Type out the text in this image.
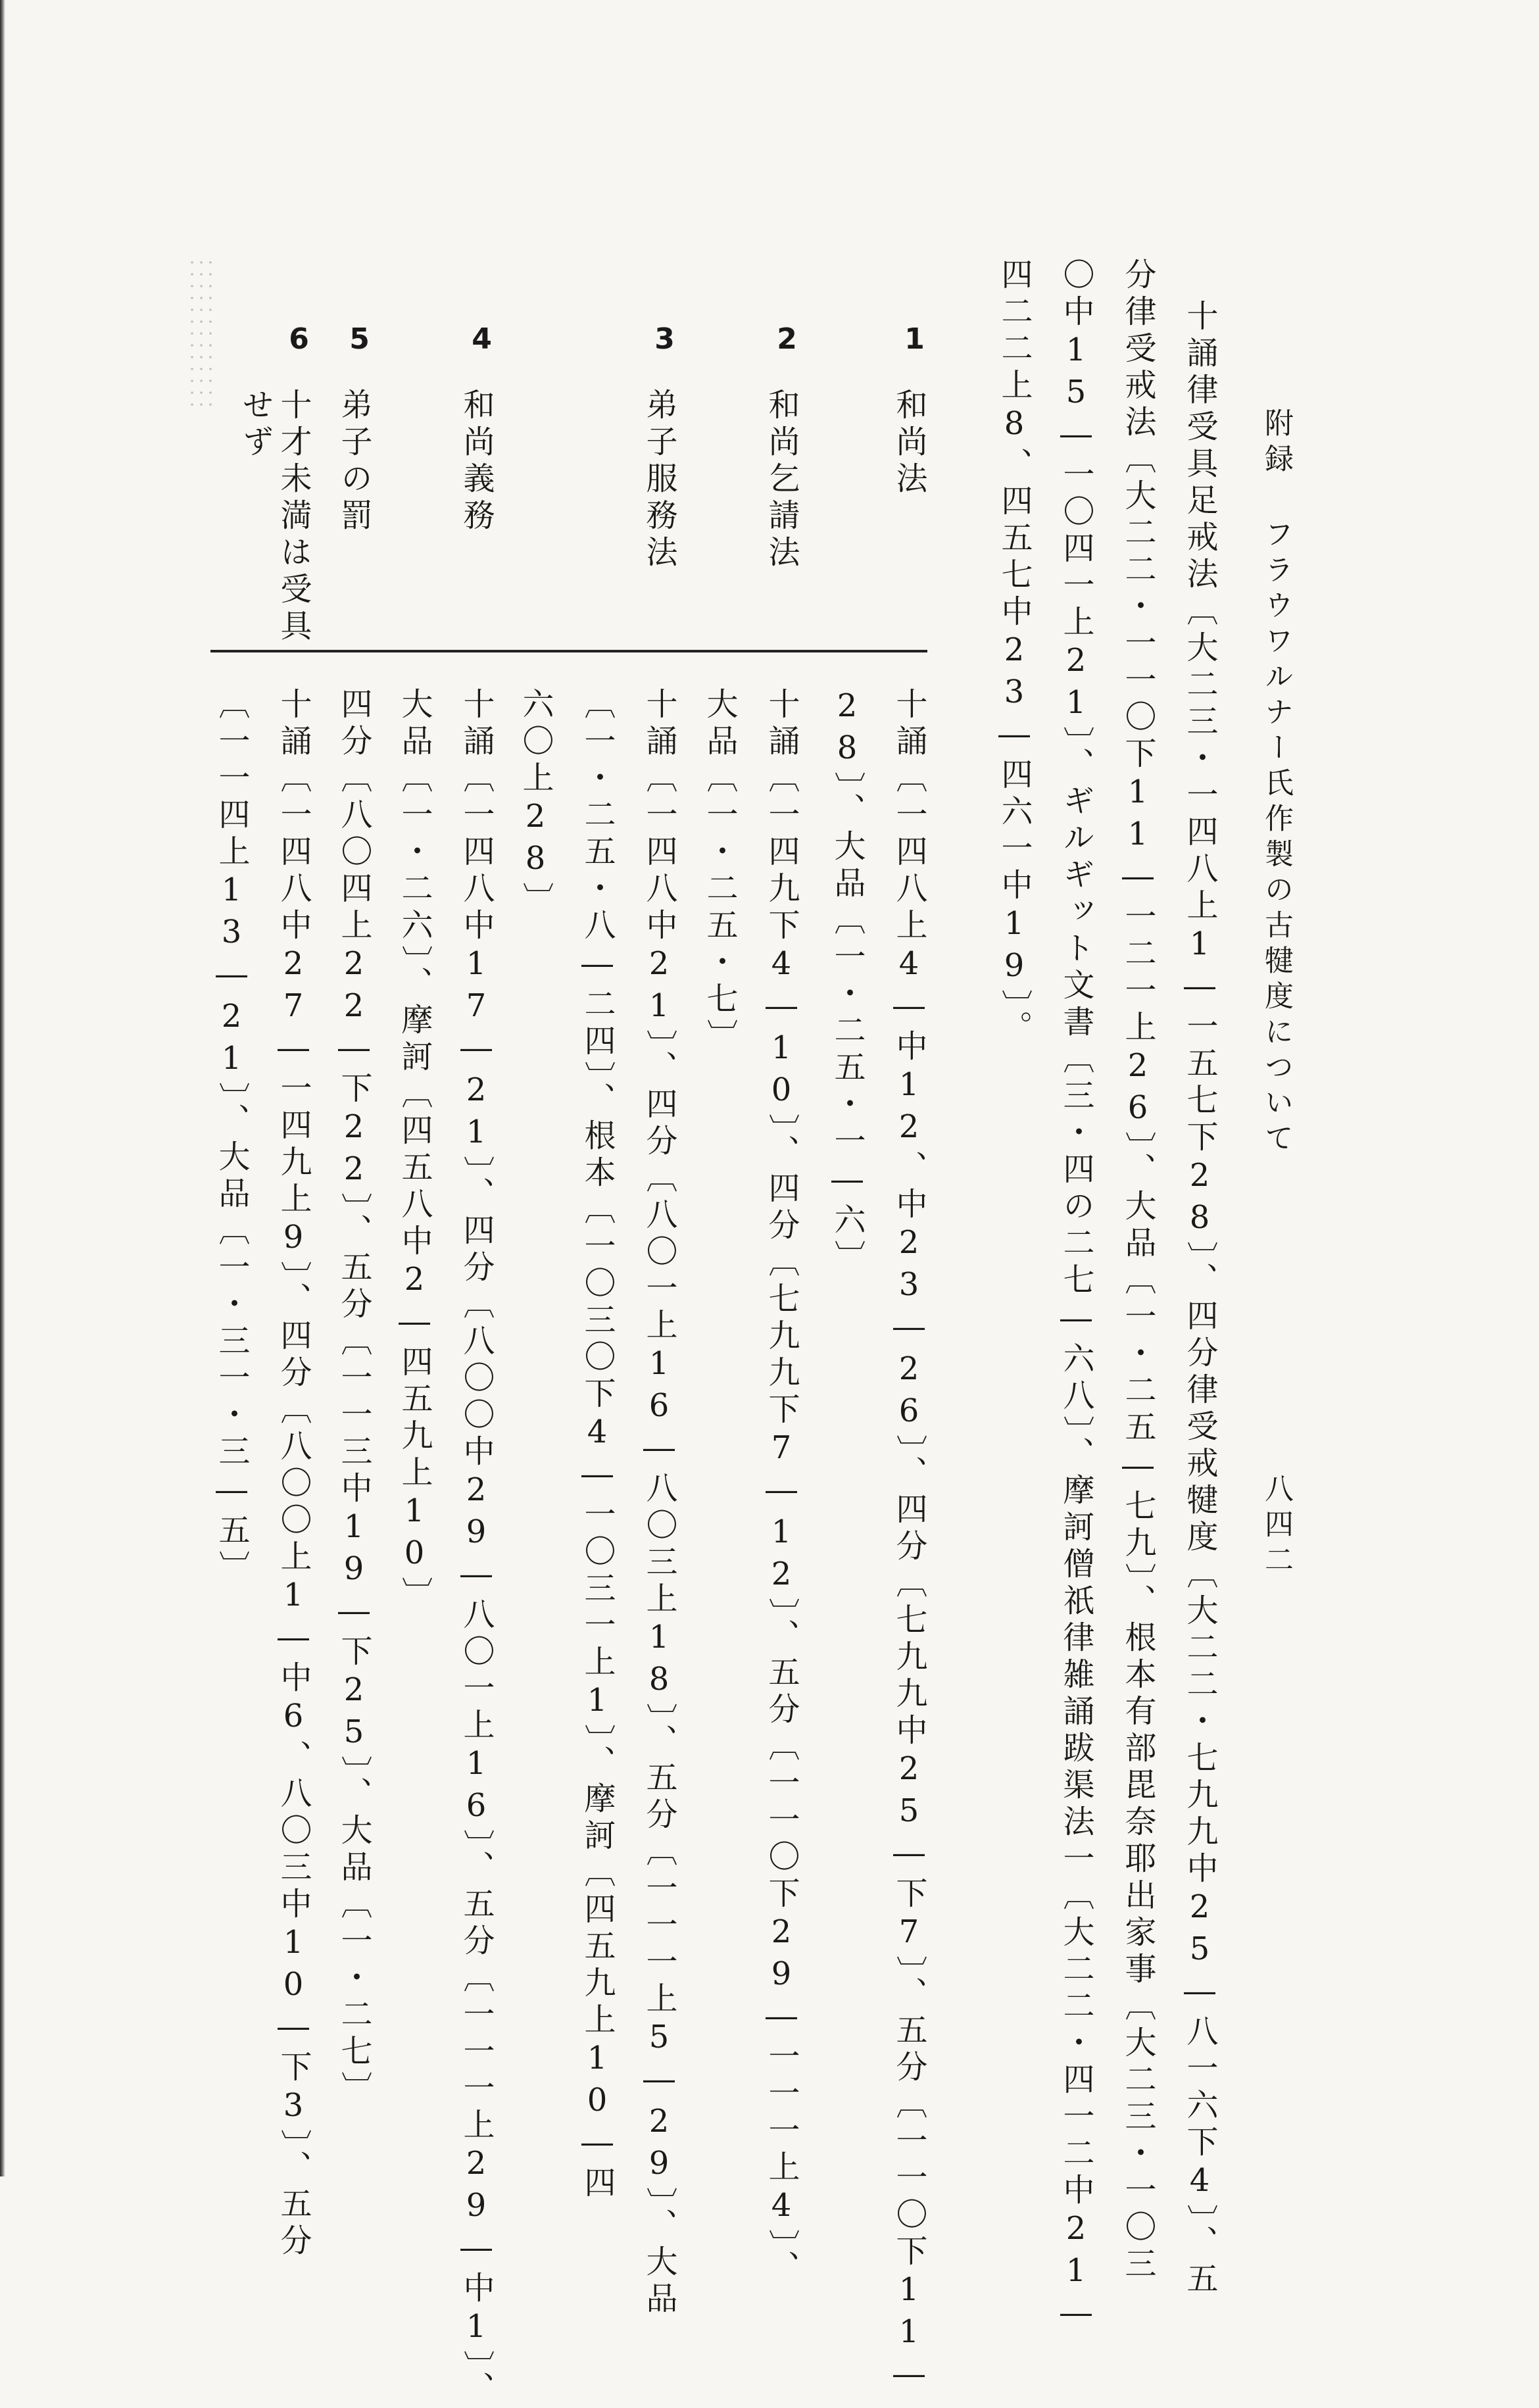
八四二
附録 フラウワルナー氏作製の古犍度について
十誦律受具足戒法〔大二三・一四八上1―一五七下28〕、四分律受戒犍度〔大二二・七九九中25―八一六下4〕、五
分律受戒法〔大二二・一一〇下11―一二一上26〕、大品〔一・二五―七九〕、根本有部毘奈耶出家事〔大二三・一〇三
〇中15―一〇四一上21〕、ギルギット文書〔三・四の二七―六八〕、摩訶僧祇律雑誦跋渠法一〔大二二・四一二中21―
四二二上8、四五七中23―四六一中19〕。
1
和尚法
2
和尚乞請法
3
弟子服務法
4
和尚義務
5
弟子の罰
6
十才未満は受具
せず
十誦〔一四八上4―中12、中23―26〕、四分〔七九九中25―下7〕、五分〔一一〇下11―
28〕、大品〔一・二五・一―六〕
十誦〔一四九下4―10〕、四分〔七九九下7―12〕、五分〔一一〇下29―一一一上4〕、
大品〔一・二五・七〕
十誦〔一四八中21〕、四分〔八〇一上16―八〇三上18〕、五分〔一一一上5―29〕、大品
〔一・二五・八―二四〕、根本〔一〇三〇下4―一〇三一上1〕、摩訶〔四五九上10―四
六〇上28〕
十誦〔一四八中17―21〕、四分〔八〇〇中29―八〇一上16〕、五分〔一一一上29―中1〕、
大品〔一・二六〕、摩訶〔四五八中2―四五九上10〕
四分〔八〇四上22―下22〕、五分〔一一三中19―下25〕、大品〔一・二七〕
十誦〔一四八中27―一四九上9〕、四分〔八〇〇上1―中6、八〇三中10―下3〕、五分
〔一一四上13―21〕、大品〔一・三一・三―五〕
